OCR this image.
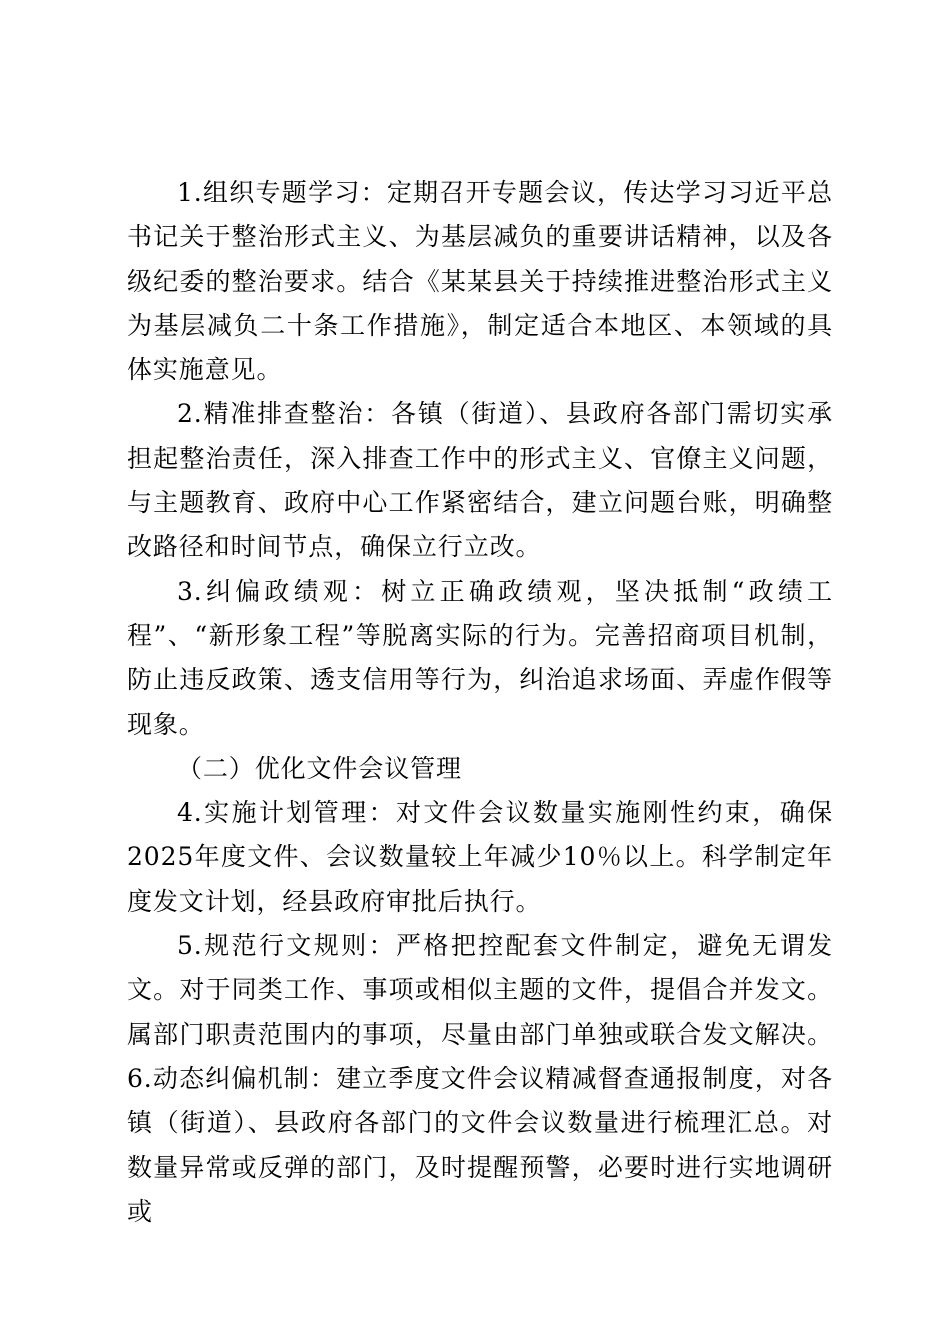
1.组织专题学习：定期召开专题会议，传达学习习近平总书记关于整治形式主义、为基层减负的重要讲话精神，以及各级纪委的整治要求。结合《某某县关于持续推进整治形式主义为基层减负二十条工作措施》，制定适合本地区、本领域的具体实施意见。

2.精准排查整治：各镇（街道）、县政府各部门需切实承担起整治责任，深入排查工作中的形式主义、官僚主义问题，与主题教育、政府中心工作紧密结合，建立问题台账，明确整改路径和时间节点，确保立行立改。

3.纠偏政绩观：树立正确政绩观，坚决抵制“政绩工程”、“新形象工程”等脱离实际的行为。完善招商项目机制，防止违反政策、透支信用等行为，纠治追求场面、弄虚作假等现象。

（二）优化文件会议管理

4.实施计划管理：对文件会议数量实施刚性约束，确保2025年度文件、会议数量较上年减少10％以上。科学制定年度发文计划，经县政府审批后执行。

5.规范行文规则：严格把控配套文件制定，避免无谓发文。对于同类工作、事项或相似主题的文件，提倡合并发文。属部门职责范围内的事项，尽量由部门单独或联合发文解决。6.动态纠偏机制：建立季度文件会议精减督查通报制度，对各镇（街道）、县政府各部门的文件会议数量进行梳理汇总。对数量异常或反弹的部门，及时提醒预警，必要时进行实地调研或
